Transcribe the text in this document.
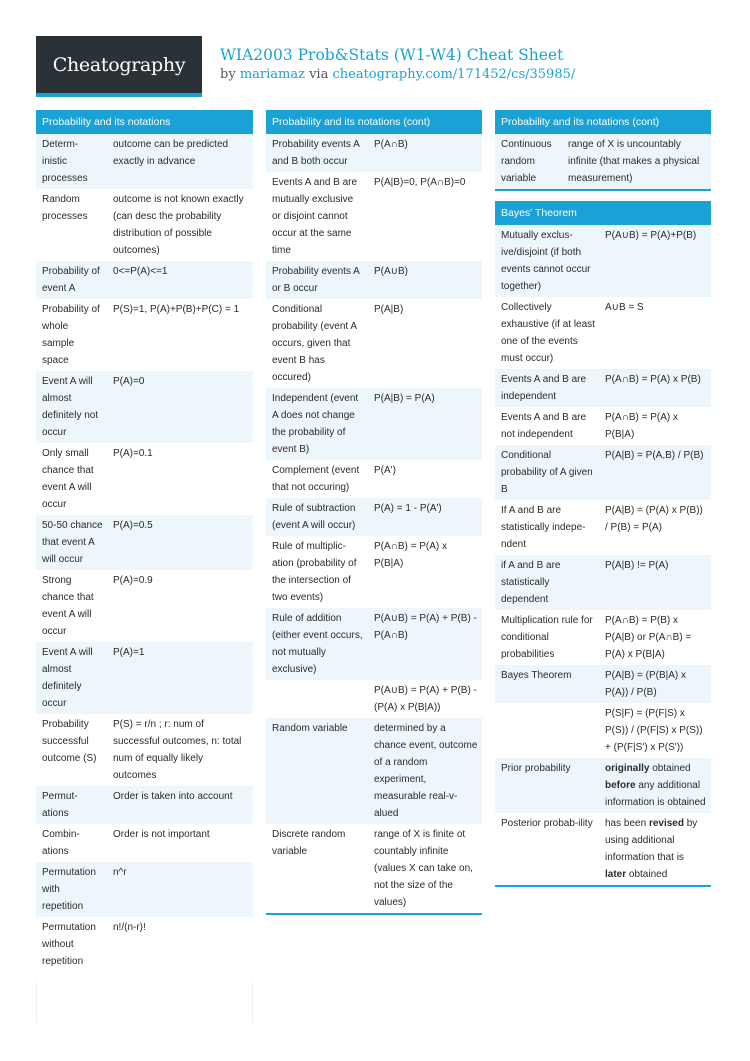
Cheatography WIA2003 Prob&Stats (W1-W4) Cheat Sheet
by mariamaz via cheatography.com/171452/cs/35985/
Probability and its notations
Determ-inistic processes	outcome can be predicted exactly in advance
Random processes	outcome is not known exactly (can desc the probability distribution of possible outcomes)
Probability of event A	0<=P(A)<=1
Probability of whole sample space	P(S)=1, P(A)+P(B)+P(C) = 1
Event A will almost definitely not occur	P(A)=0
Only small chance that event A will occur	P(A)=0.1
50-50 chance that event A will occur	P(A)=0.5
Strong chance that event A will occur	P(A)=0.9
Event A will almost definitely occur	P(A)=1
Probability successful outcome (S)	P(S) = r/n ; r: num of successful outcomes, n: total num of equally likely outcomes
Permut-ations	Order is taken into account
Combin-ations	Order is not important
Permutation with repetition	n^r
Permutation without repetition	n!/(n-r)!
Probability and its notations (cont)
Probability events A and B both occur	P(A∩B)
Events A and B are mutually exclusive or disjoint cannot occur at the same time	P(A|B)=0, P(A∩B)=0
Probability events A or B occur	P(A∪B)
Conditional probability (event A occurs, given that event B has occured)	P(A|B)
Independent (event A does not change the probability of event B)	P(A|B) = P(A)
Complement (event that not occuring)	P(A')
Rule of subtraction (event A will occur)	P(A) = 1 - P(A')
Rule of multiplic-ation (probability of the intersection of two events)	P(A∩B) = P(A) x P(B|A)
Rule of addition (either event occurs, not mutually exclusive)	P(A∪B) = P(A) + P(B) - P(A∩B)
	P(A∪B) = P(A) + P(B) - (P(A) x P(B|A))
Random variable	determined by a chance event, outcome of a random experiment, measurable real-v-alued
Discrete random variable	range of X is finite ot countably infinite (values X can take on, not the size of the values)
Probability and its notations (cont)
Continuous random variable	range of X is uncountably infinite (that makes a physical measurement)
Bayes' Theorem
Mutually exclus-ive/disjoint (if both events cannot occur together)	P(A∪B) = P(A)+P(B)
Collectively exhaustive (if at least one of the events must occur)	A∪B = S
Events A and B are independent	P(A∩B) = P(A) x P(B)
Events A and B are not independent	P(A∩B) = P(A) x P(B|A)
Conditional probability of A given B	P(A|B) = P(A,B) / P(B)
If A and B are statistically indepe-ndent	P(A|B) = (P(A) x P(B)) / P(B) = P(A)
if A and B are statistically dependent	P(A|B) != P(A)
Multiplication rule for conditional probabilities	P(A∩B) = P(B) x P(A|B) or P(A∩B) = P(A) x P(B|A)
Bayes Theorem	P(A|B) = (P(B|A) x P(A)) / P(B)
	P(S|F) = (P(F|S) x P(S)) / (P(F|S) x P(S)) + (P(F|S') x P(S'))
Prior probability	originally obtained before any additional information is obtained
Posterior probab-ility	has been revised by using additional information that is later obtained
